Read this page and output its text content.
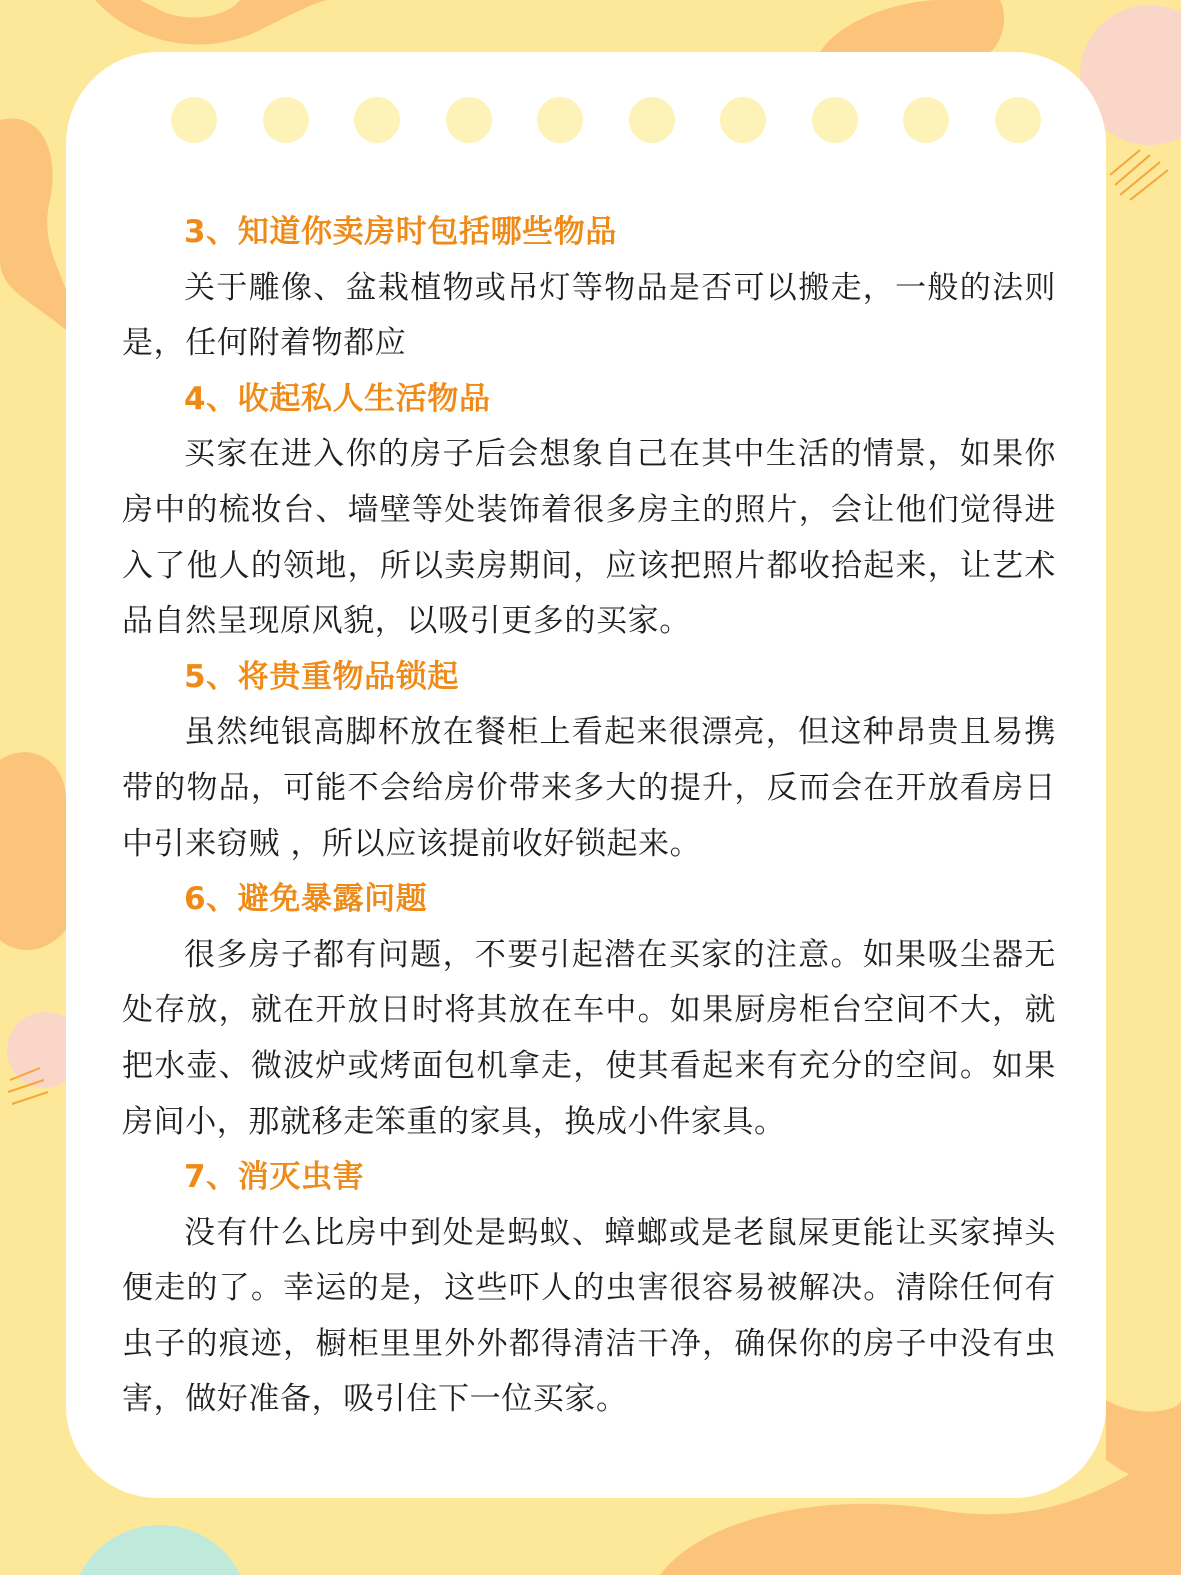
3、知道你卖房时包括哪些物品

关于雕像、盆栽植物或吊灯等物品是否可以搬走，一般的法则是，任何附着物都应

4、收起私人生活物品

买家在进入你的房子后会想象自己在其中生活的情景，如果你房中的梳妆台、墙壁等处装饰着很多房主的照片，会让他们觉得进入了他人的领地，所以卖房期间，应该把照片都收拾起来，让艺术品自然呈现原风貌，以吸引更多的买家。

5、将贵重物品锁起

虽然纯银高脚杯放在餐柜上看起来很漂亮，但这种昂贵且易携带的物品，可能不会给房价带来多大的提升，反而会在开放看房日中引来窃贼 ，所以应该提前收好锁起来。

6、避免暴露问题

很多房子都有问题，不要引起潜在买家的注意。如果吸尘器无处存放，就在开放日时将其放在车中。如果厨房柜台空间不大，就把水壶、微波炉或烤面包机拿走，使其看起来有充分的空间。如果房间小，那就移走笨重的家具，换成小件家具。

7、消灭虫害

没有什么比房中到处是蚂蚁、蟑螂或是老鼠屎更能让买家掉头便走的了。幸运的是，这些吓人的虫害很容易被解决。清除任何有虫子的痕迹，橱柜里里外外都得清洁干净，确保你的房子中没有虫害，做好准备，吸引住下一位买家。
